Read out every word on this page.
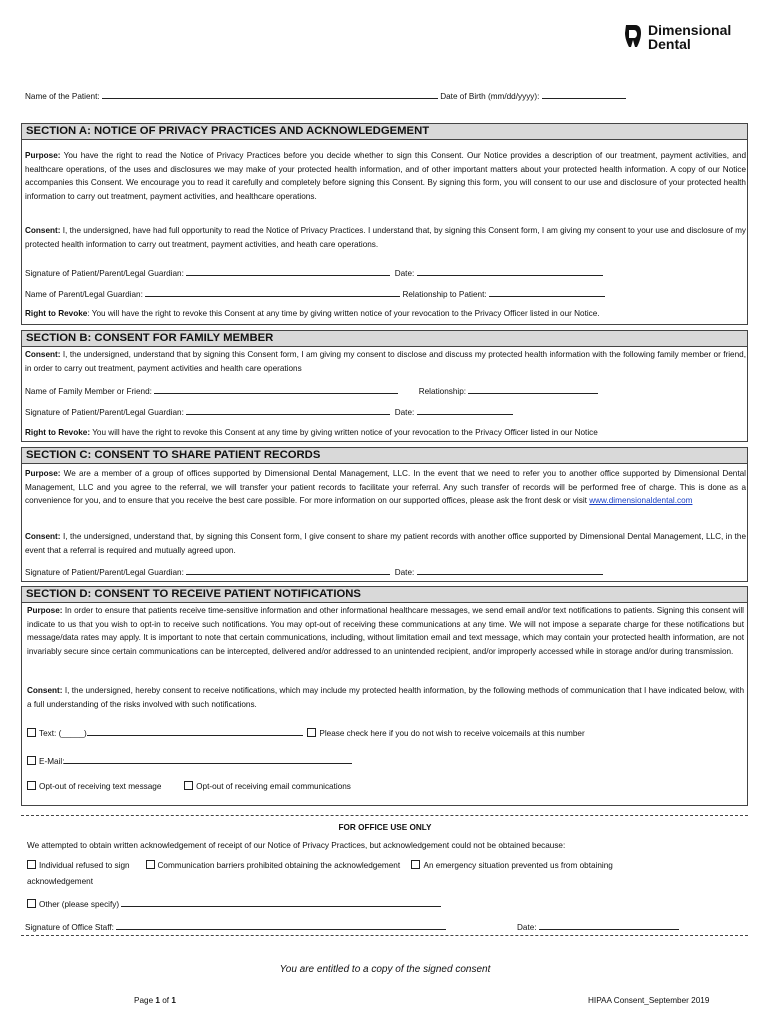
Dimensional
Dental
Name of the Patient:	Date of Birth (mm/dd/yyyy):
SECTION A: NOTICE OF PRIVACY PRACTICES AND ACKNOWLEDGEMENT
Purpose: You have the right to read the Notice of Privacy Practices before you decide whether to sign this Consent. Our Notice provides a description of our treatment, payment activities, and healthcare operations, of the uses and disclosures we may make of your protected health information, and of other important matters about your protected health information. A copy of our Notice accompanies this Consent. We encourage you to read it carefully and completely before signing this Consent. By signing this form, you will consent to our use and disclosure of your protected health information to carry out treatment, payment activities, and healthcare operations.
Consent: I, the undersigned, have had full opportunity to read the Notice of Privacy Practices. I understand that, by signing this Consent form, I am giving my consent to your use and disclosure of my protected health information to carry out treatment, payment activities, and heath care operations.
Signature of Patient/Parent/Legal Guardian:	Date:
Name of Parent/Legal Guardian:	Relationship to Patient:
Right to Revoke: You will have the right to revoke this Consent at any time by giving written notice of your revocation to the Privacy Officer listed in our Notice.
SECTION B: CONSENT FOR FAMILY MEMBER
Consent: I, the undersigned, understand that by signing this Consent form, I am giving my consent to disclose and discuss my protected health information with the following family member or friend, in order to carry out treatment, payment activities and health care operations
Name of Family Member or Friend:	Relationship:
Signature of Patient/Parent/Legal Guardian:	Date:
Right to Revoke: You will have the right to revoke this Consent at any time by giving written notice of your revocation to the Privacy Officer listed in our Notice
SECTION C: CONSENT TO SHARE PATIENT RECORDS
Purpose: We are a member of a group of offices supported by Dimensional Dental Management, LLC. In the event that we need to refer you to another office supported by Dimensional Dental Management, LLC and you agree to the referral, we will transfer your patient records to facilitate your referral. Any such transfer of records will be performed free of charge. This is done as a convenience for you, and to ensure that you receive the best care possible. For more information on our supported offices, please ask the front desk or visit www.dimensionaldental.com
Consent: I, the undersigned, understand that, by signing this Consent form, I give consent to share my patient records with another office supported by Dimensional Dental Management, LLC, in the event that a referral is required and mutually agreed upon.
Signature of Patient/Parent/Legal Guardian:	Date:
SECTION D: CONSENT TO RECEIVE PATIENT NOTIFICATIONS
Purpose: In order to ensure that patients receive time-sensitive information and other informational healthcare messages, we send email and/or text notifications to patients. Signing this consent will indicate to us that you wish to opt-in to receive such notifications. You may opt-out of receiving these communications at any time. We will not impose a separate charge for these notifications but message/data rates may apply. It is important to note that certain communications, including, without limitation email and text message, which may contain your protected health information, are not invariably secure since certain communications can be intercepted, delivered and/or addressed to an unintended recipient, and/or improperly accessed while in storage and/or during transmission.
Consent: I, the undersigned, hereby consent to receive notifications, which may include my protected health information, by the following methods of communication that I have indicated below, with a full understanding of the risks involved with such notifications.
Text: (_____)	Please check here if you do not wish to receive voicemails at this number
E-Mail:
Opt-out of receiving text message	Opt-out of receiving email communications
FOR OFFICE USE ONLY
We attempted to obtain written acknowledgement of receipt of our Notice of Privacy Practices, but acknowledgement could not be obtained because:
Individual refused to sign	Communication barriers prohibited obtaining the acknowledgement	An emergency situation prevented us from obtaining
acknowledgement
Other (please specify)
Signature of Office Staff:	Date:
You are entitled to a copy of the signed consent
Page 1 of 1	HIPAA Consent_September 2019
